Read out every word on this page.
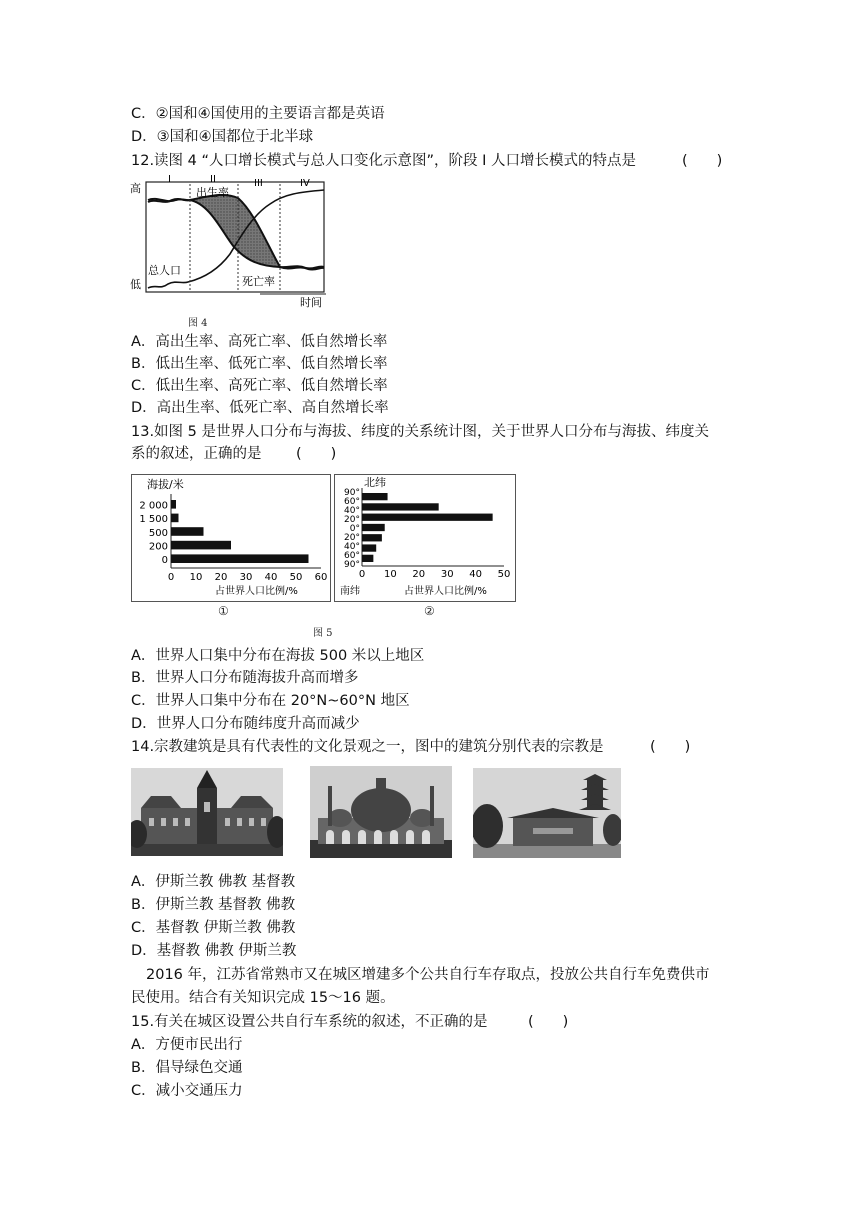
C．②国和④国使用的主要语言都是英语
D．③国和④国都位于北半球
12.读图 4 “人口增长模式与总人口变化示意图”，阶段 I 人口增长模式的特点是	(　　)
I	II	III	IV
高
低
出生率
总人口
死亡率
时间
图 4
A．高出生率、高死亡率、低自然增长率
B．低出生率、低死亡率、低自然增长率
C．低出生率、高死亡率、低自然增长率
D．高出生率、低死亡率、高自然增长率
13.如图 5 是世界人口分布与海拔、纬度的关系统计图，关于世界人口分布与海拔、纬度关
系的叙述，正确的是 (　　)
海拔/米
2 000
1 500
500
200
0
0 10 20 30 40 50 60
占世界人口比例/%
①
北纬
90°
60°
40°
20°
0°
20°
40°
60°
90°
0 10 20 30 40 50
南纬	占世界人口比例/%
②
图 5
A．世界人口集中分布在海拔 500 米以上地区
B．世界人口分布随海拔升高而增多
C．世界人口集中分布在 20°N~60°N 地区
D．世界人口分布随纬度升高而减少
14.宗教建筑是具有代表性的文化景观之一，图中的建筑分别代表的宗教是	(　　)
A．伊斯兰教 佛教 基督教
B．伊斯兰教 基督教 佛教
C．基督教 伊斯兰教 佛教
D．基督教 佛教 伊斯兰教
2016 年，江苏省常熟市又在城区增建多个公共自行车存取点，投放公共自行车免费供市
民使用。结合有关知识完成 15～16 题。
15.有关在城区设置公共自行车系统的叙述，不正确的是	(　　)
A．方便市民出行
B．倡导绿色交通
C．减小交通压力
